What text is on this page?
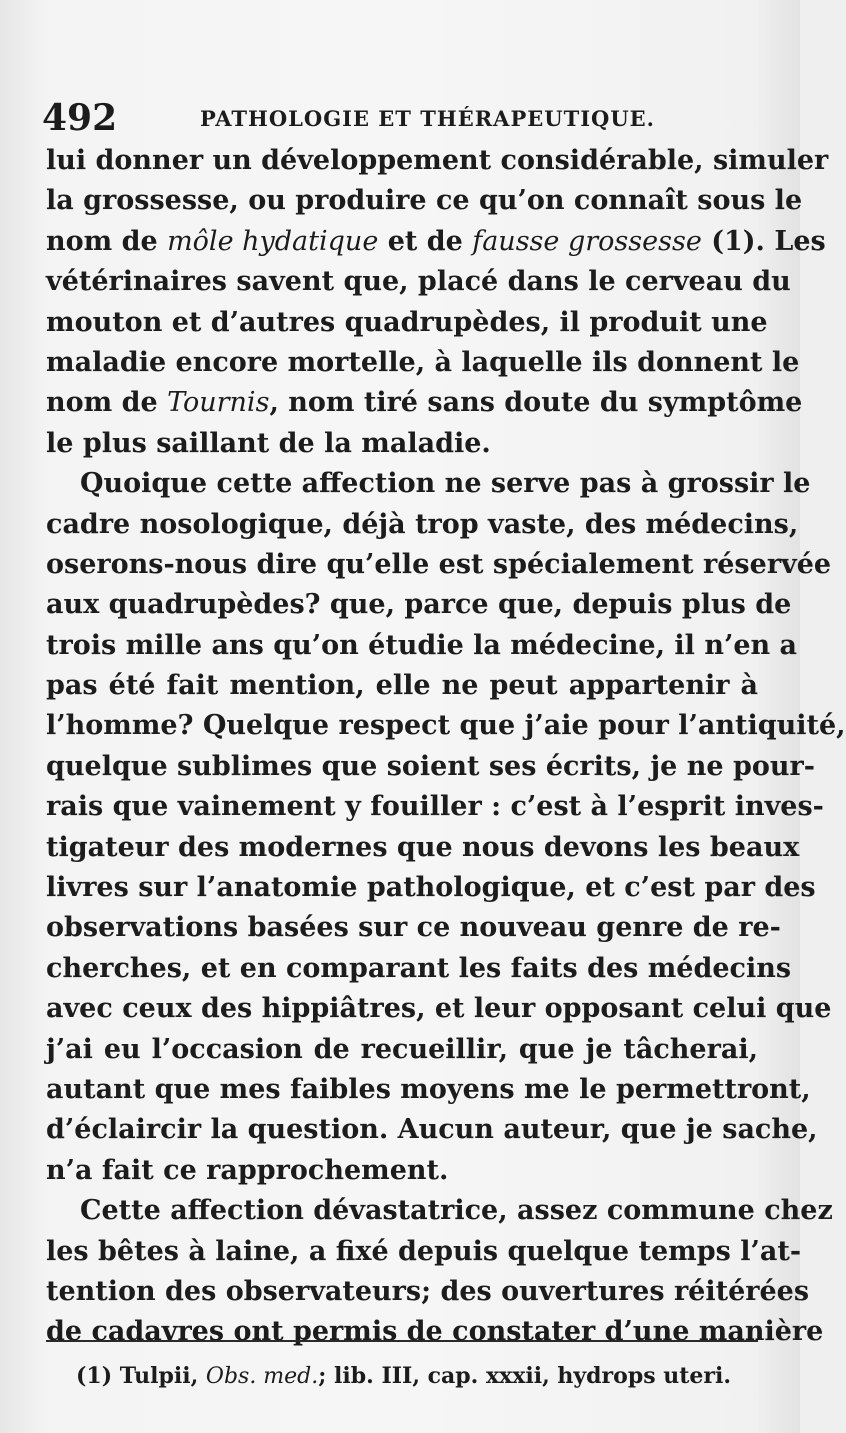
492	PATHOLOGIE ET THÉRAPEUTIQUE.
lui donner un développement considérable, simuler
la grossesse, ou produire ce qu’on connaît sous le
nom de môle hydatique et de fausse grossesse (1). Les
vétérinaires savent que, placé dans le cerveau du
mouton et d’autres quadrupèdes, il produit une
maladie encore mortelle, à laquelle ils donnent le
nom de Tournis, nom tiré sans doute du symptôme
le plus saillant de la maladie.
Quoique cette affection ne serve pas à grossir le
cadre nosologique, déjà trop vaste, des médecins,
oserons-nous dire qu’elle est spécialement réservée
aux quadrupèdes? que, parce que, depuis plus de
trois mille ans qu’on étudie la médecine, il n’en a
pas été fait mention, elle ne peut appartenir à
l’homme? Quelque respect que j’aie pour l’antiquité,
quelque sublimes que soient ses écrits, je ne pour-
rais que vainement y fouiller : c’est à l’esprit inves-
tigateur des modernes que nous devons les beaux
livres sur l’anatomie pathologique, et c’est par des
observations basées sur ce nouveau genre de re-
cherches, et en comparant les faits des médecins
avec ceux des hippiâtres, et leur opposant celui que
j’ai eu l’occasion de recueillir, que je tâcherai,
autant que mes faibles moyens me le permettront,
d’éclaircir la question. Aucun auteur, que je sache,
n’a fait ce rapprochement.
Cette affection dévastatrice, assez commune chez
les bêtes à laine, a fixé depuis quelque temps l’at-
tention des observateurs; des ouvertures réitérées
de cadavres ont permis de constater d’une manière
(1) Tulpii, Obs. med.; lib. III, cap. xxxii, hydrops uteri.
